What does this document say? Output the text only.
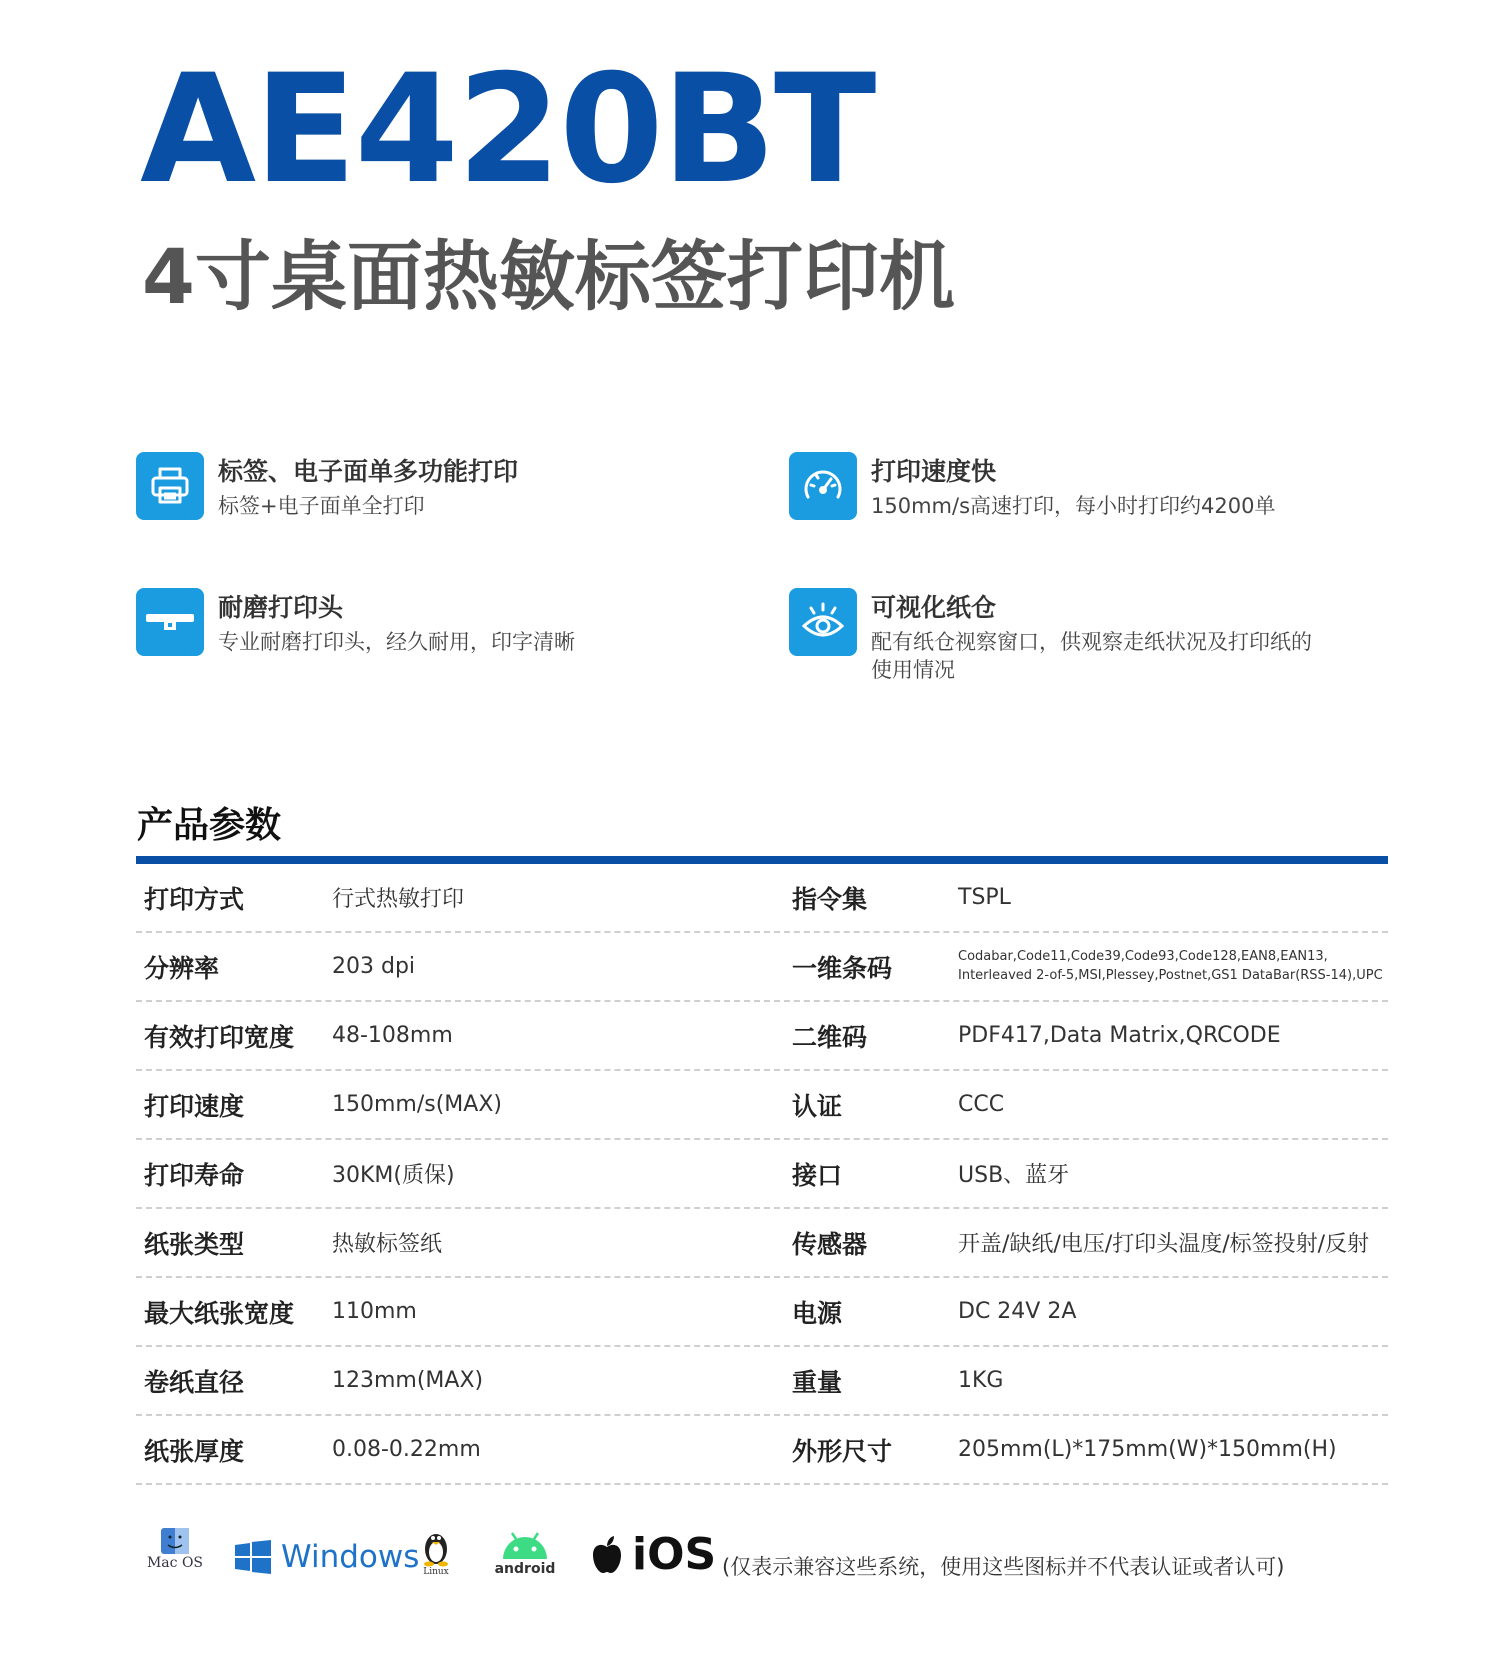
AE420BT
4寸桌面热敏标签打印机
标签、电子面单多功能打印
标签+电子面单全打印
打印速度快
150mm/s高速打印，每小时打印约4200单
耐磨打印头
专业耐磨打印头，经久耐用，印字清晰
可视化纸仓
配有纸仓视察窗口，供观察走纸状况及打印纸的使用情况
产品参数
打印方式	行式热敏打印	指令集	TSPL
分辨率	203 dpi	一维条码	Codabar,Code11,Code39,Code93,Code128,EAN8,EAN13, Interleaved 2-of-5,MSI,Plessey,Postnet,GS1 DataBar(RSS-14),UPC
有效打印宽度 48-108mm	二维码	PDF417,Data Matrix,QRCODE
打印速度	150mm/s(MAX)	认证	CCC
打印寿命	30KM(质保)	接口	USB、蓝牙
纸张类型	热敏标签纸	传感器	开盖/缺纸/电压/打印头温度/标签投射/反射
最大纸张宽度 110mm	电源	DC 24V 2A
卷纸直径	123mm(MAX)	重量	1KG
纸张厚度	0.08-0.22mm	外形尺寸	205mm(L)*175mm(W)*150mm(H)
Mac OS	Windows Linux	android iOS (仅表示兼容这些系统，使用这些图标并不代表认证或者认可)
